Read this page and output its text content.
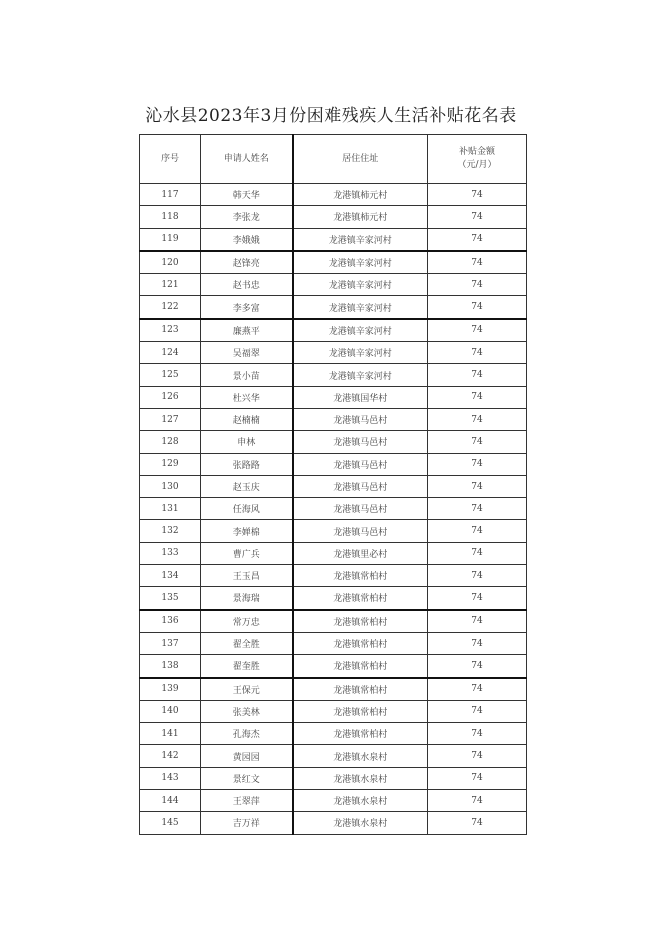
沁水县2023年3月份困难残疾人生活补贴花名表
序号	申请人姓名	居住住址	补贴金额
（元/月）

117	韩天华	龙港镇柿元村	74
118	李张龙	龙港镇柿元村	74
119	李娥娥	龙港镇辛家河村	74
120	赵锋亮	龙港镇辛家河村	74
121	赵书忠	龙港镇辛家河村	74
122	李多富	龙港镇辛家河村	74
123	廉燕平	龙港镇辛家河村	74
124	吴福翠	龙港镇辛家河村	74
125	景小苗	龙港镇辛家河村	74
126	杜兴华	龙港镇国华村	74
127	赵楠楠	龙港镇马邑村	74
128	申林	龙港镇马邑村	74
129	张路路	龙港镇马邑村	74
130	赵玉庆	龙港镇马邑村	74
131	任海风	龙港镇马邑村	74
132	李婵棉	龙港镇马邑村	74
133	曹广兵	龙港镇里必村	74
134	王玉昌	龙港镇常柏村	74
135	景海瑞	龙港镇常柏村	74
136	常万忠	龙港镇常柏村	74
137	翟全胜	龙港镇常柏村	74
138	翟奎胜	龙港镇常柏村	74
139	王保元	龙港镇常柏村	74
140	张美林	龙港镇常柏村	74
141	孔海杰	龙港镇常柏村	74
142	黄园园	龙港镇水泉村	74
143	景红文	龙港镇水泉村	74
144	王翠萍	龙港镇水泉村	74
145	吉万祥	龙港镇水泉村	74
